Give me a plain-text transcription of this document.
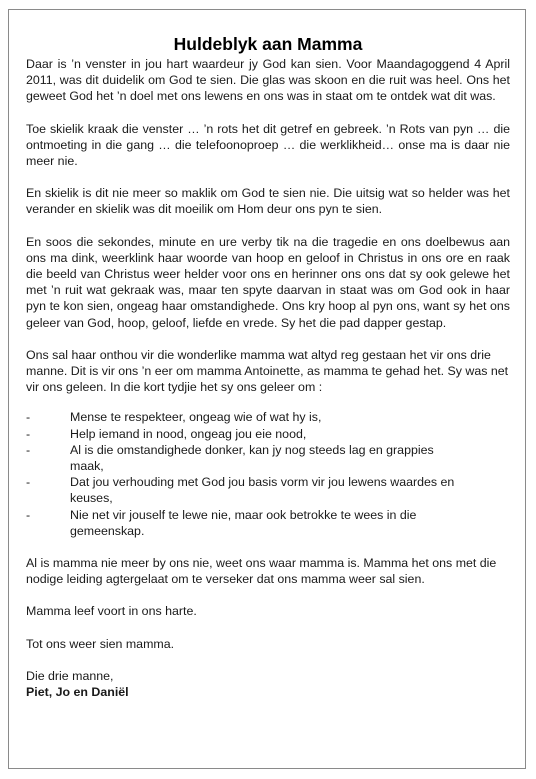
Huldeblyk aan Mamma

Daar is ’n venster in jou hart waardeur jy God kan sien. Voor Maandagoggend 4 April 2011, was dit duidelik om God te sien. Die glas was skoon en die ruit was heel. Ons het geweet God het ’n doel met ons lewens en ons was in staat om te ontdek wat dit was.

Toe skielik kraak die venster … ’n rots het dit getref en gebreek. ’n Rots van pyn … die ontmoeting in die gang … die telefoonoproep … die werklikheid… onse ma is daar nie meer nie.

En skielik is dit nie meer so maklik om God te sien nie. Die uitsig wat so helder was het verander en skielik was dit moeilik om Hom deur ons pyn te sien.

En soos die sekondes, minute en ure verby tik na die tragedie en ons doelbewus aan ons ma dink, weerklink haar woorde van hoop en geloof in Christus in ons ore en raak die beeld van Christus weer helder voor ons en herinner ons ons dat sy ook gelewe het met ’n ruit wat gekraak was, maar ten spyte daarvan in staat was om God ook in haar pyn te kon sien, ongeag haar omstandighede. Ons kry hoop al pyn ons, want sy het ons geleer van God, hoop, geloof, liefde en vrede. Sy het die pad dapper gestap.

Ons sal haar onthou vir die wonderlike mamma wat altyd reg gestaan het vir ons drie manne. Dit is vir ons ’n eer om mamma Antoinette, as mamma te gehad het. Sy was net vir ons geleen. In die kort tydjie het sy ons geleer om :

-	Mense te respekteer, ongeag wie of wat hy is,
-	Help iemand in nood, ongeag jou eie nood,
-	Al is die omstandighede donker, kan jy nog steeds lag en grappies maak,
-	Dat jou verhouding met God jou basis vorm vir jou lewens waardes en keuses,
-	Nie net vir jouself te lewe nie, maar ook betrokke te wees in die gemeenskap.

Al is mamma nie meer by ons nie, weet ons waar mamma is. Mamma het ons met die nodige leiding agtergelaat om te verseker dat ons mamma weer sal sien.

Mamma leef voort in ons harte.

Tot ons weer sien mamma.

Die drie manne,
Piet, Jo en Daniël
